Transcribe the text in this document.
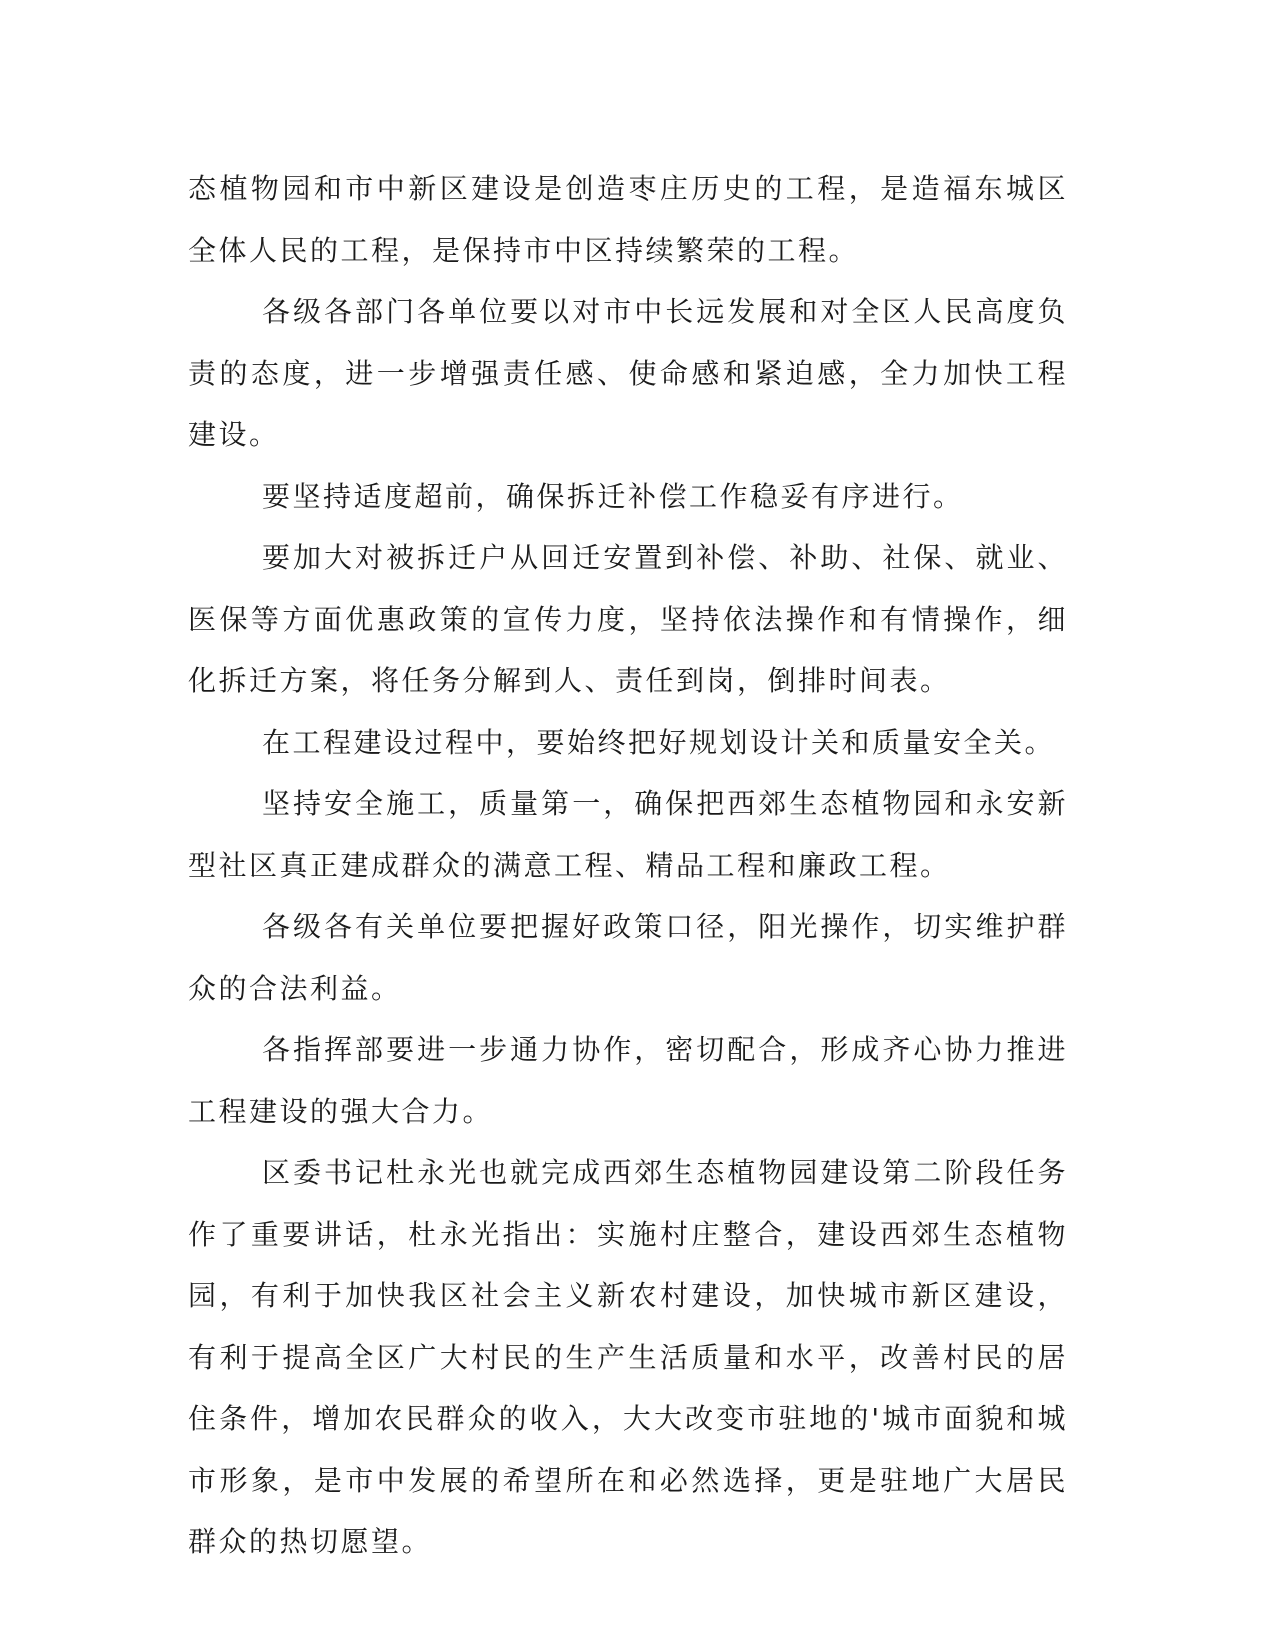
态植物园和市中新区建设是创造枣庄历史的工程，是造福东城区全体人民的工程，是保持市中区持续繁荣的工程。

各级各部门各单位要以对市中长远发展和对全区人民高度负责的态度，进一步增强责任感、使命感和紧迫感，全力加快工程建设。

要坚持适度超前，确保拆迁补偿工作稳妥有序进行。

要加大对被拆迁户从回迁安置到补偿、补助、社保、就业、医保等方面优惠政策的宣传力度，坚持依法操作和有情操作，细化拆迁方案，将任务分解到人、责任到岗，倒排时间表。

在工程建设过程中，要始终把好规划设计关和质量安全关。

坚持安全施工，质量第一，确保把西郊生态植物园和永安新型社区真正建成群众的满意工程、精品工程和廉政工程。

各级各有关单位要把握好政策口径，阳光操作，切实维护群众的合法利益。

各指挥部要进一步通力协作，密切配合，形成齐心协力推进工程建设的强大合力。

区委书记杜永光也就完成西郊生态植物园建设第二阶段任务作了重要讲话，杜永光指出：实施村庄整合，建设西郊生态植物园，有利于加快我区社会主义新农村建设，加快城市新区建设，有利于提高全区广大村民的生产生活质量和水平，改善村民的居住条件，增加农民群众的收入，大大改变市驻地的'城市面貌和城市形象，是市中发展的希望所在和必然选择，更是驻地广大居民群众的热切愿望。
